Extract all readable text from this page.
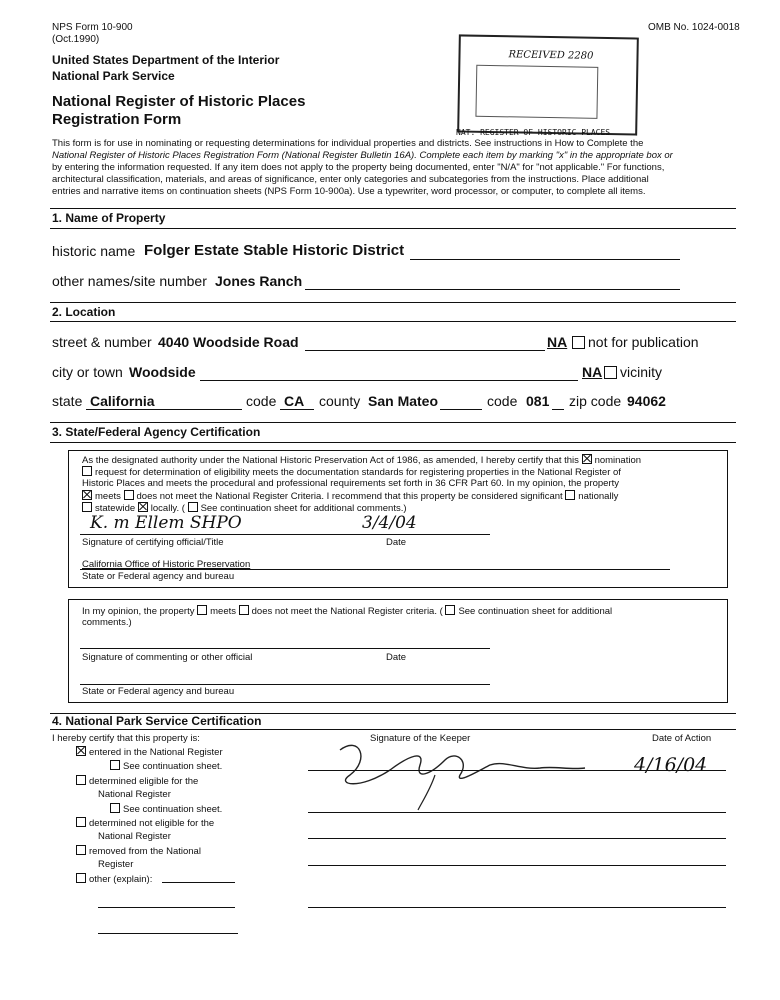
NPS Form 10-900
(Oct.1990)
OMB No. 1024-0018
United States Department of the Interior
National Park Service
National Register of Historic Places
Registration Form
RECEIVED 2280
NAT. REGISTER OF HISTORIC PLACES
This form is for use in nominating or requesting determinations for individual properties and districts. See instructions in How to Complete the
National Register of Historic Places Registration Form (National Register Bulletin 16A). Complete each item by marking "x" in the appropriate box or
by entering the information requested. If any item does not apply to the property being documented, enter "N/A" for "not applicable." For functions,
architectural classification, materials, and areas of significance, enter only categories and subcategories from the instructions. Place additional
entries and narrative items on continuation sheets (NPS Form 10-900a). Use a typewriter, word processor, or computer, to complete all items.
1. Name of Property
historic name Folger Estate Stable Historic District
other names/site number Jones Ranch
2. Location
street & number 4040 Woodside Road	NA	not for publication
city or town Woodside	NA	vicinity
state California	code CA county San Mateo	code 081 zip code 94062
3. State/Federal Agency Certification
As the designated authority under the National Historic Preservation Act of 1986, as amended, I hereby certify that this nomination
request for determination of eligibility meets the documentation standards for registering properties in the National Register of
Historic Places and meets the procedural and professional requirements set forth in 36 CFR Part 60. In my opinion, the property
meets does not meet the National Register Criteria. I recommend that this property be considered significant nationally
statewide locally. ( See continuation sheet for additional comments.)
K. m Ellem SHPO	3/4/04
Signature of certifying official/Title	Date
California Office of Historic Preservation
State or Federal agency and bureau
In my opinion, the property meets does not meet the National Register criteria. ( See continuation sheet for additional
comments.)
Signature of commenting or other official	Date
State or Federal agency and bureau
4. National Park Service Certification
I hereby certify that this property is:	Signature of the Keeper	Date of Action
entered in the National Register
See continuation sheet.
determined eligible for the
National Register
See continuation sheet.
determined not eligible for the
National Register
removed from the National
Register
other (explain):
4/16/04
